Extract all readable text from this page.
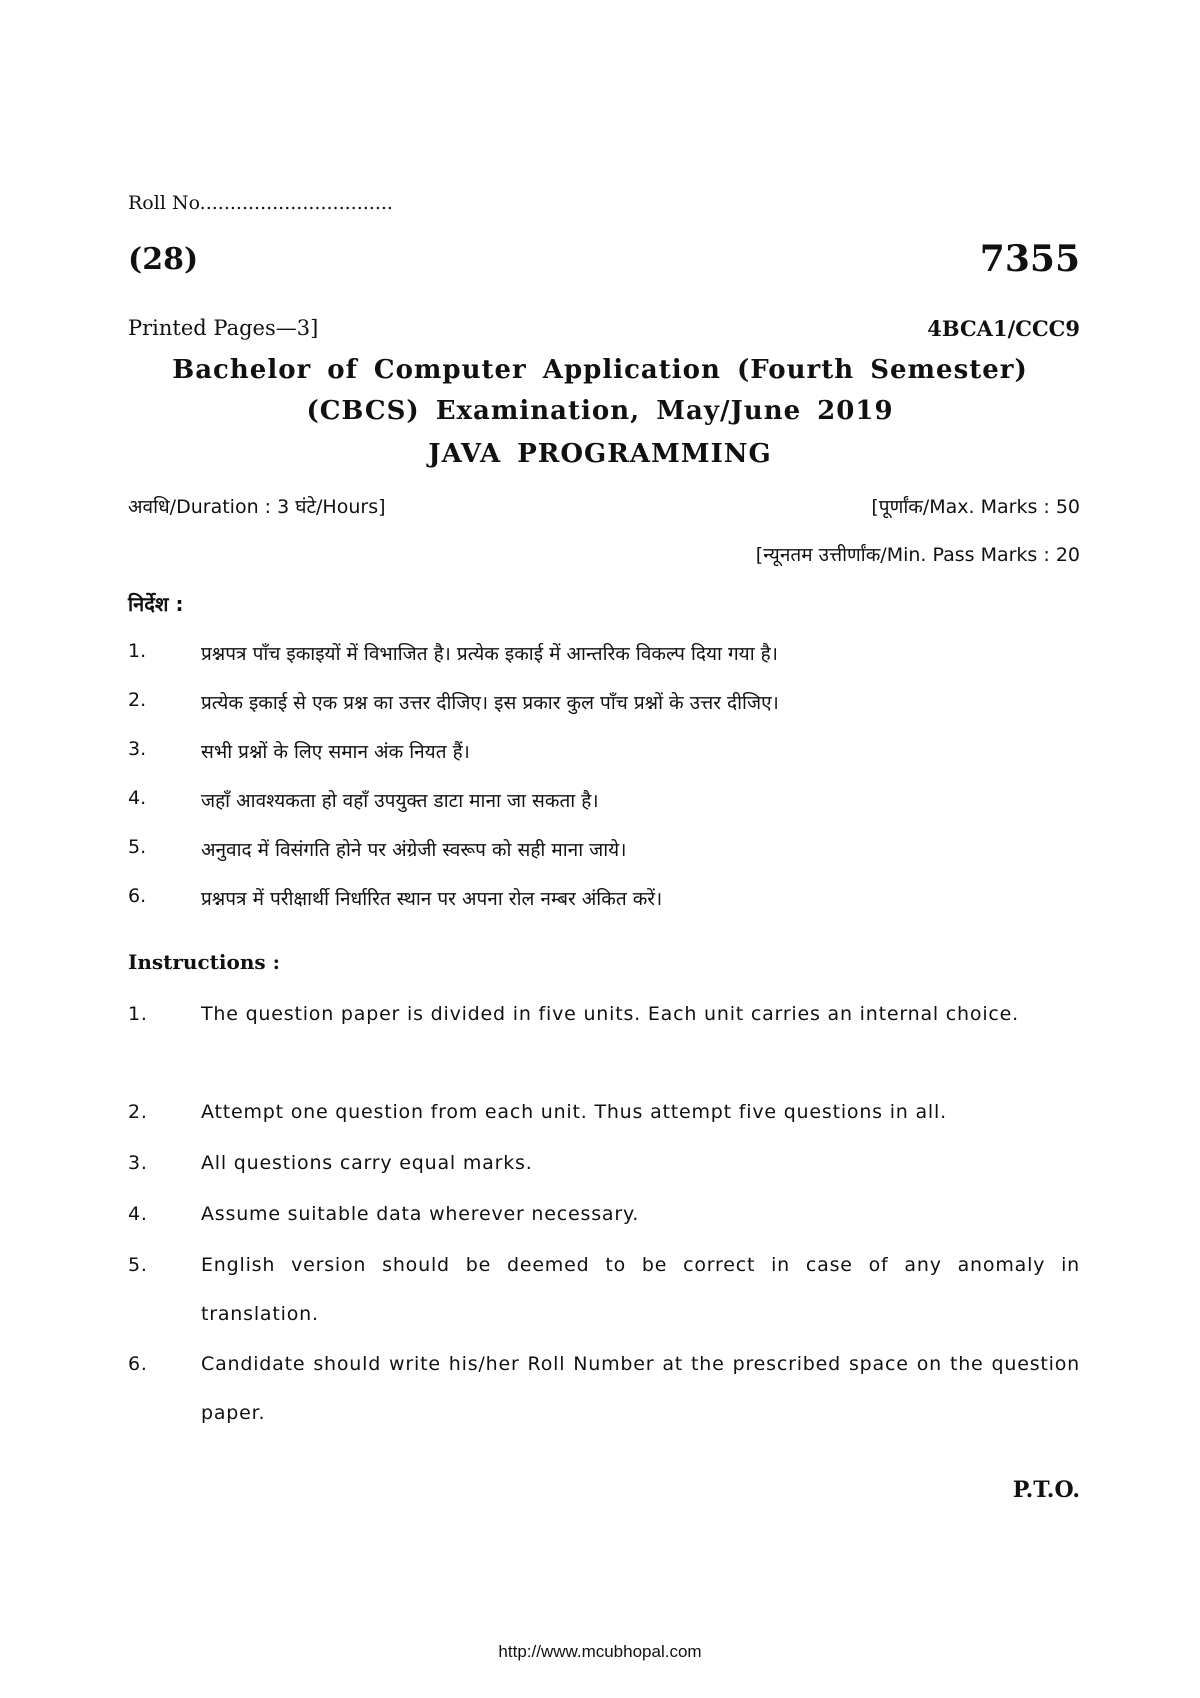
Roll No................................
(28)	7355
Printed Pages—3]	4BCA1/CCC9
Bachelor of Computer Application (Fourth Semester)
(CBCS) Examination, May/June 2019
JAVA PROGRAMMING
अवधि/Duration : 3 घंटे/Hours]	[पूर्णांक/Max. Marks : 50
[न्यूनतम उत्तीर्णांक/Min. Pass Marks : 20
निर्देश :
1.	प्रश्नपत्र पाँच इकाइयों में विभाजित है। प्रत्येक इकाई में आन्तरिक विकल्प दिया गया है।
2.	प्रत्येक इकाई से एक प्रश्न का उत्तर दीजिए। इस प्रकार कुल पाँच प्रश्नों के उत्तर दीजिए।
3.	सभी प्रश्नों के लिए समान अंक नियत हैं।
4.	जहाँ आवश्यकता हो वहाँ उपयुक्त डाटा माना जा सकता है।
5.	अनुवाद में विसंगति होने पर अंग्रेजी स्वरूप को सही माना जाये।
6.	प्रश्नपत्र में परीक्षार्थी निर्धारित स्थान पर अपना रोल नम्बर अंकित करें।
Instructions :
1.	The question paper is divided in five units. Each unit carries an internal choice.
2.	Attempt one question from each unit. Thus attempt five questions in all.
3.	All questions carry equal marks.
4.	Assume suitable data wherever necessary.
5.	English version should be deemed to be correct in case of any anomaly in translation.
6.	Candidate should write his/her Roll Number at the prescribed space on the question paper.
P.T.O.
http://www.mcubhopal.com
